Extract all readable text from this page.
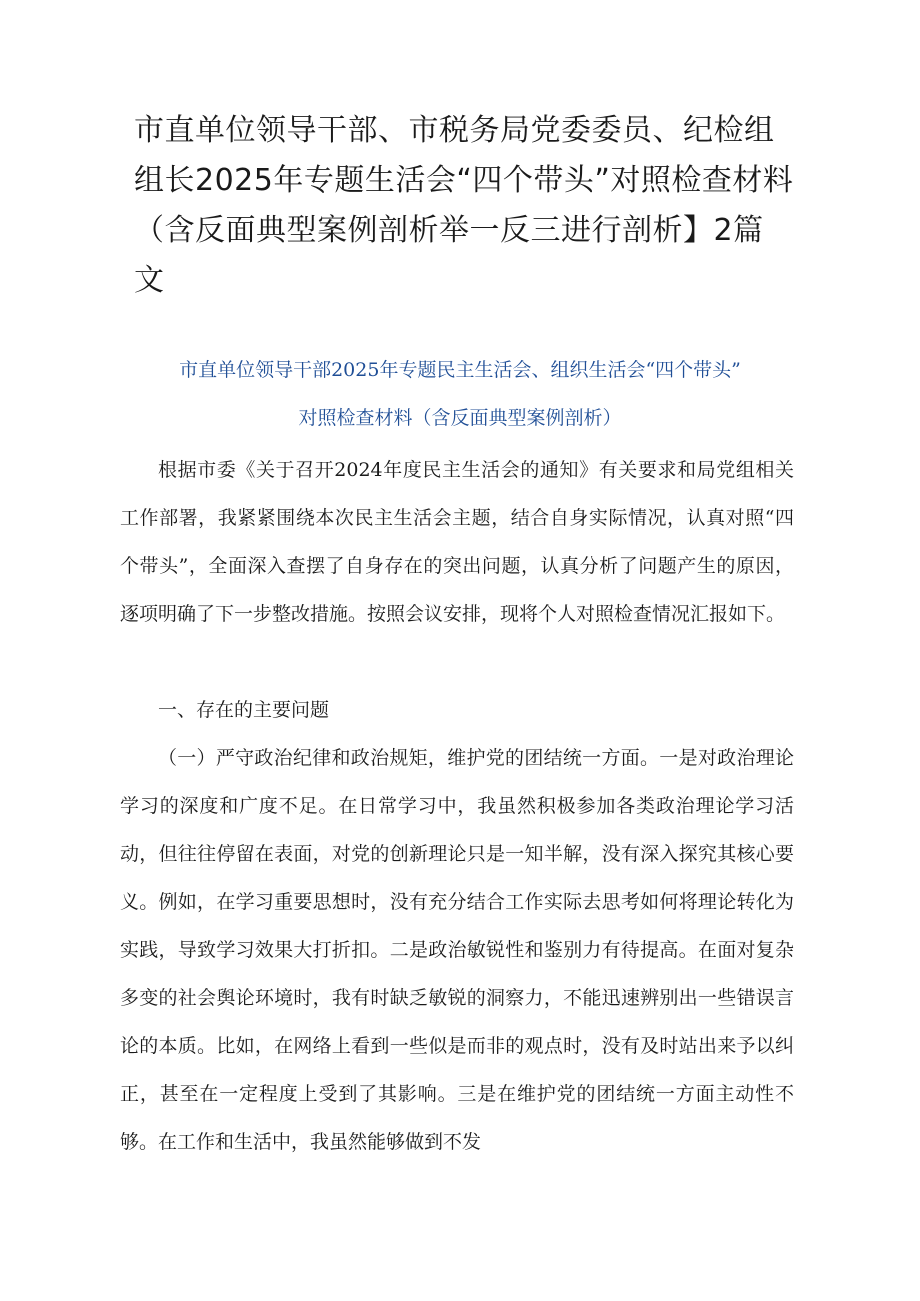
市直单位领导干部、市税务局党委委员、纪检组组长2025年专题生活会“四个带头”对照检查材料（含反面典型案例剖析举一反三进行剖析】2篇文

市直单位领导干部2025年专题民主生活会、组织生活会“四个带头”

对照检查材料（含反面典型案例剖析）

根据市委《关于召开2024年度民主生活会的通知》有关要求和局党组相关工作部署，我紧紧围绕本次民主生活会主题，结合自身实际情况，认真对照“四个带头”，全面深入查摆了自身存在的突出问题，认真分析了问题产生的原因，逐项明确了下一步整改措施。按照会议安排，现将个人对照检查情况汇报如下。

一、存在的主要问题

（一）严守政治纪律和政治规矩，维护党的团结统一方面。一是对政治理论学习的深度和广度不足。在日常学习中，我虽然积极参加各类政治理论学习活动，但往往停留在表面，对党的创新理论只是一知半解，没有深入探究其核心要义。例如，在学习重要思想时，没有充分结合工作实际去思考如何将理论转化为实践，导致学习效果大打折扣。二是政治敏锐性和鉴别力有待提高。在面对复杂多变的社会舆论环境时，我有时缺乏敏锐的洞察力，不能迅速辨别出一些错误言论的本质。比如，在网络上看到一些似是而非的观点时，没有及时站出来予以纠正，甚至在一定程度上受到了其影响。三是在维护党的团结统一方面主动性不够。在工作和生活中，我虽然能够做到不发
